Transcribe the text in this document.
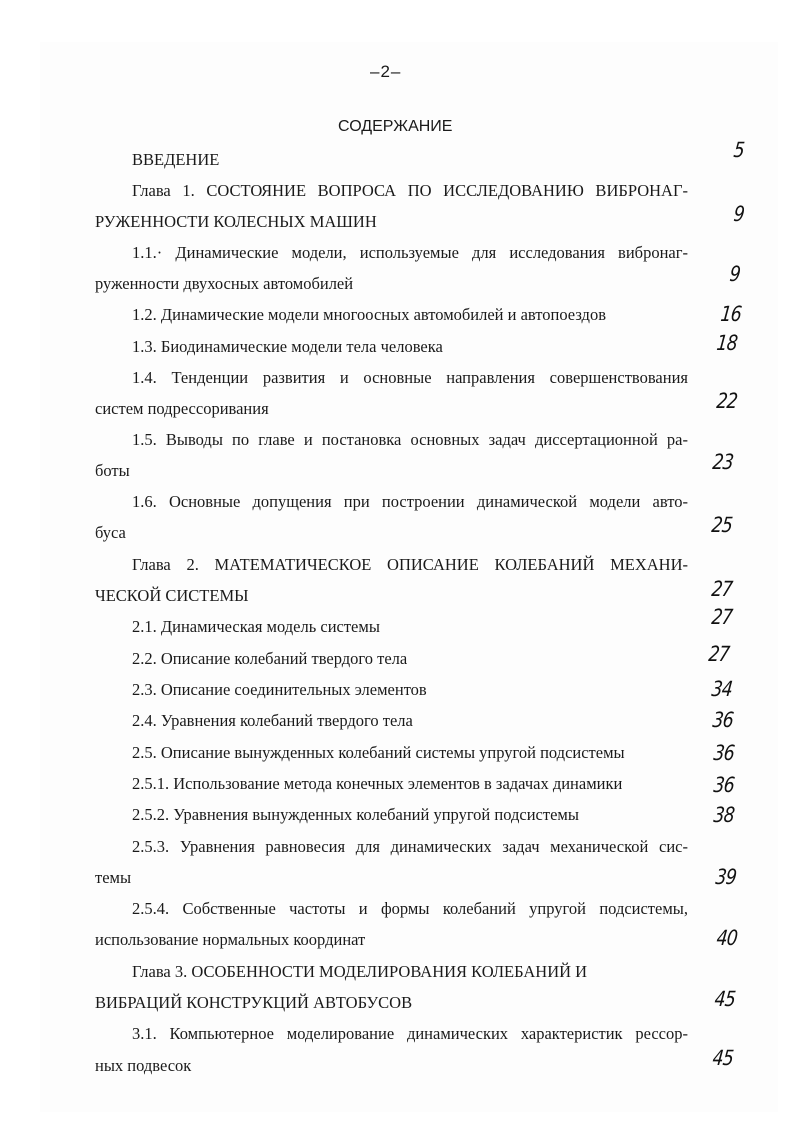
–2–
СОДЕРЖАНИЕ
ВВЕДЕНИЕ
Глава 1. СОСТОЯНИЕ ВОПРОСА ПО ИССЛЕДОВАНИЮ ВИБРОНАГ-
РУЖЕННОСТИ КОЛЕСНЫХ МАШИН
1.1.· Динамические модели, используемые для исследования вибронаг-
руженности двухосных автомобилей
1.2. Динамические модели многоосных автомобилей и автопоездов
1.3. Биодинамические модели тела человека
1.4. Тенденции развития и основные направления совершенствования
систем подрессоривания
1.5. Выводы по главе и постановка основных задач диссертационной ра-
боты
1.6. Основные допущения при построении динамической модели авто-
буса
Глава 2. МАТЕМАТИЧЕСКОЕ ОПИСАНИЕ КОЛЕБАНИЙ МЕХАНИ-
ЧЕСКОЙ СИСТЕМЫ
2.1. Динамическая модель системы
2.2. Описание колебаний твердого тела
2.3. Описание соединительных элементов
2.4. Уравнения колебаний твердого тела
2.5. Описание вынужденных колебаний системы упругой подсистемы
2.5.1. Использование метода конечных элементов в задачах динамики
2.5.2. Уравнения вынужденных колебаний упругой подсистемы
2.5.3. Уравнения равновесия для динамических задач механической сис-
темы
2.5.4. Собственные частоты и формы колебаний упругой подсистемы,
использование нормальных координат
Глава 3. ОСОБЕННОСТИ МОДЕЛИРОВАНИЯ КОЛЕБАНИЙ И
ВИБРАЦИЙ КОНСТРУКЦИЙ АВТОБУСОВ
3.1. Компьютерное моделирование динамических характеристик рессор-
ных подвесок
5
9
9
16
18
22
23
25
27
27
27
34
36
36
36
38
39
40
45
45
